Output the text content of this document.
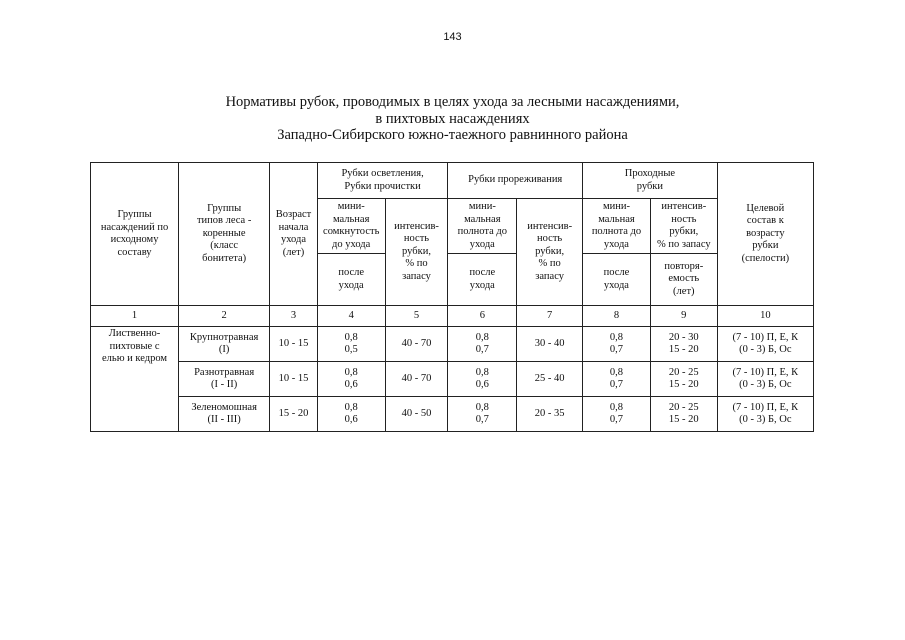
143
Нормативы рубок, проводимых в целях ухода за лесными насаждениями,
в пихтовых насаждениях
Западно-Сибирского южно-таежного равнинного района
Группы
насаждений по
исходному
составу	Группы
типов леса -
коренные
(класс
бонитета)	Возраст
начала
ухода
(лет)	Рубки осветления,
Рубки прочистки		Рубки прореживания		Проходные
рубки		Целевой
состав к
возрасту
рубки
(спелости)

			мини-
мальная
сомкнутость
до ухода	интенсив-
ность
рубки,
% по
запасу	мини-
мальная
полнота до
ухода	интенсив-
ность
рубки,
% по
запасу	мини-
мальная
полнота до
ухода	интенсив-
ность
рубки,
% по запасу	

			после
ухода		после
ухода		после
ухода	повторя-
емость
(лет)	

1	2	3	4	5	6	7	8	9	10

Лиственно-
пихтовые с
елью и кедром	Крупнотравная
(I)	10 - 15	0,8
0,5	40 - 70	0,8
0,7	30 - 40	0,8
0,7	20 - 30
15 - 20	(7 - 10) П, Е, К
(0 - 3) Б, Ос

	Разнотравная
(I - II)	10 - 15	0,8
0,6	40 - 70	0,8
0,6	25 - 40	0,8
0,7	20 - 25
15 - 20	(7 - 10) П, Е, К
(0 - 3) Б, Ос

	Зеленомошная
(II - III)	15 - 20	0,8
0,6	40 - 50	0,8
0,7	20 - 35	0,8
0,7	20 - 25
15 - 20	(7 - 10) П, Е, К
(0 - 3) Б, Ос
